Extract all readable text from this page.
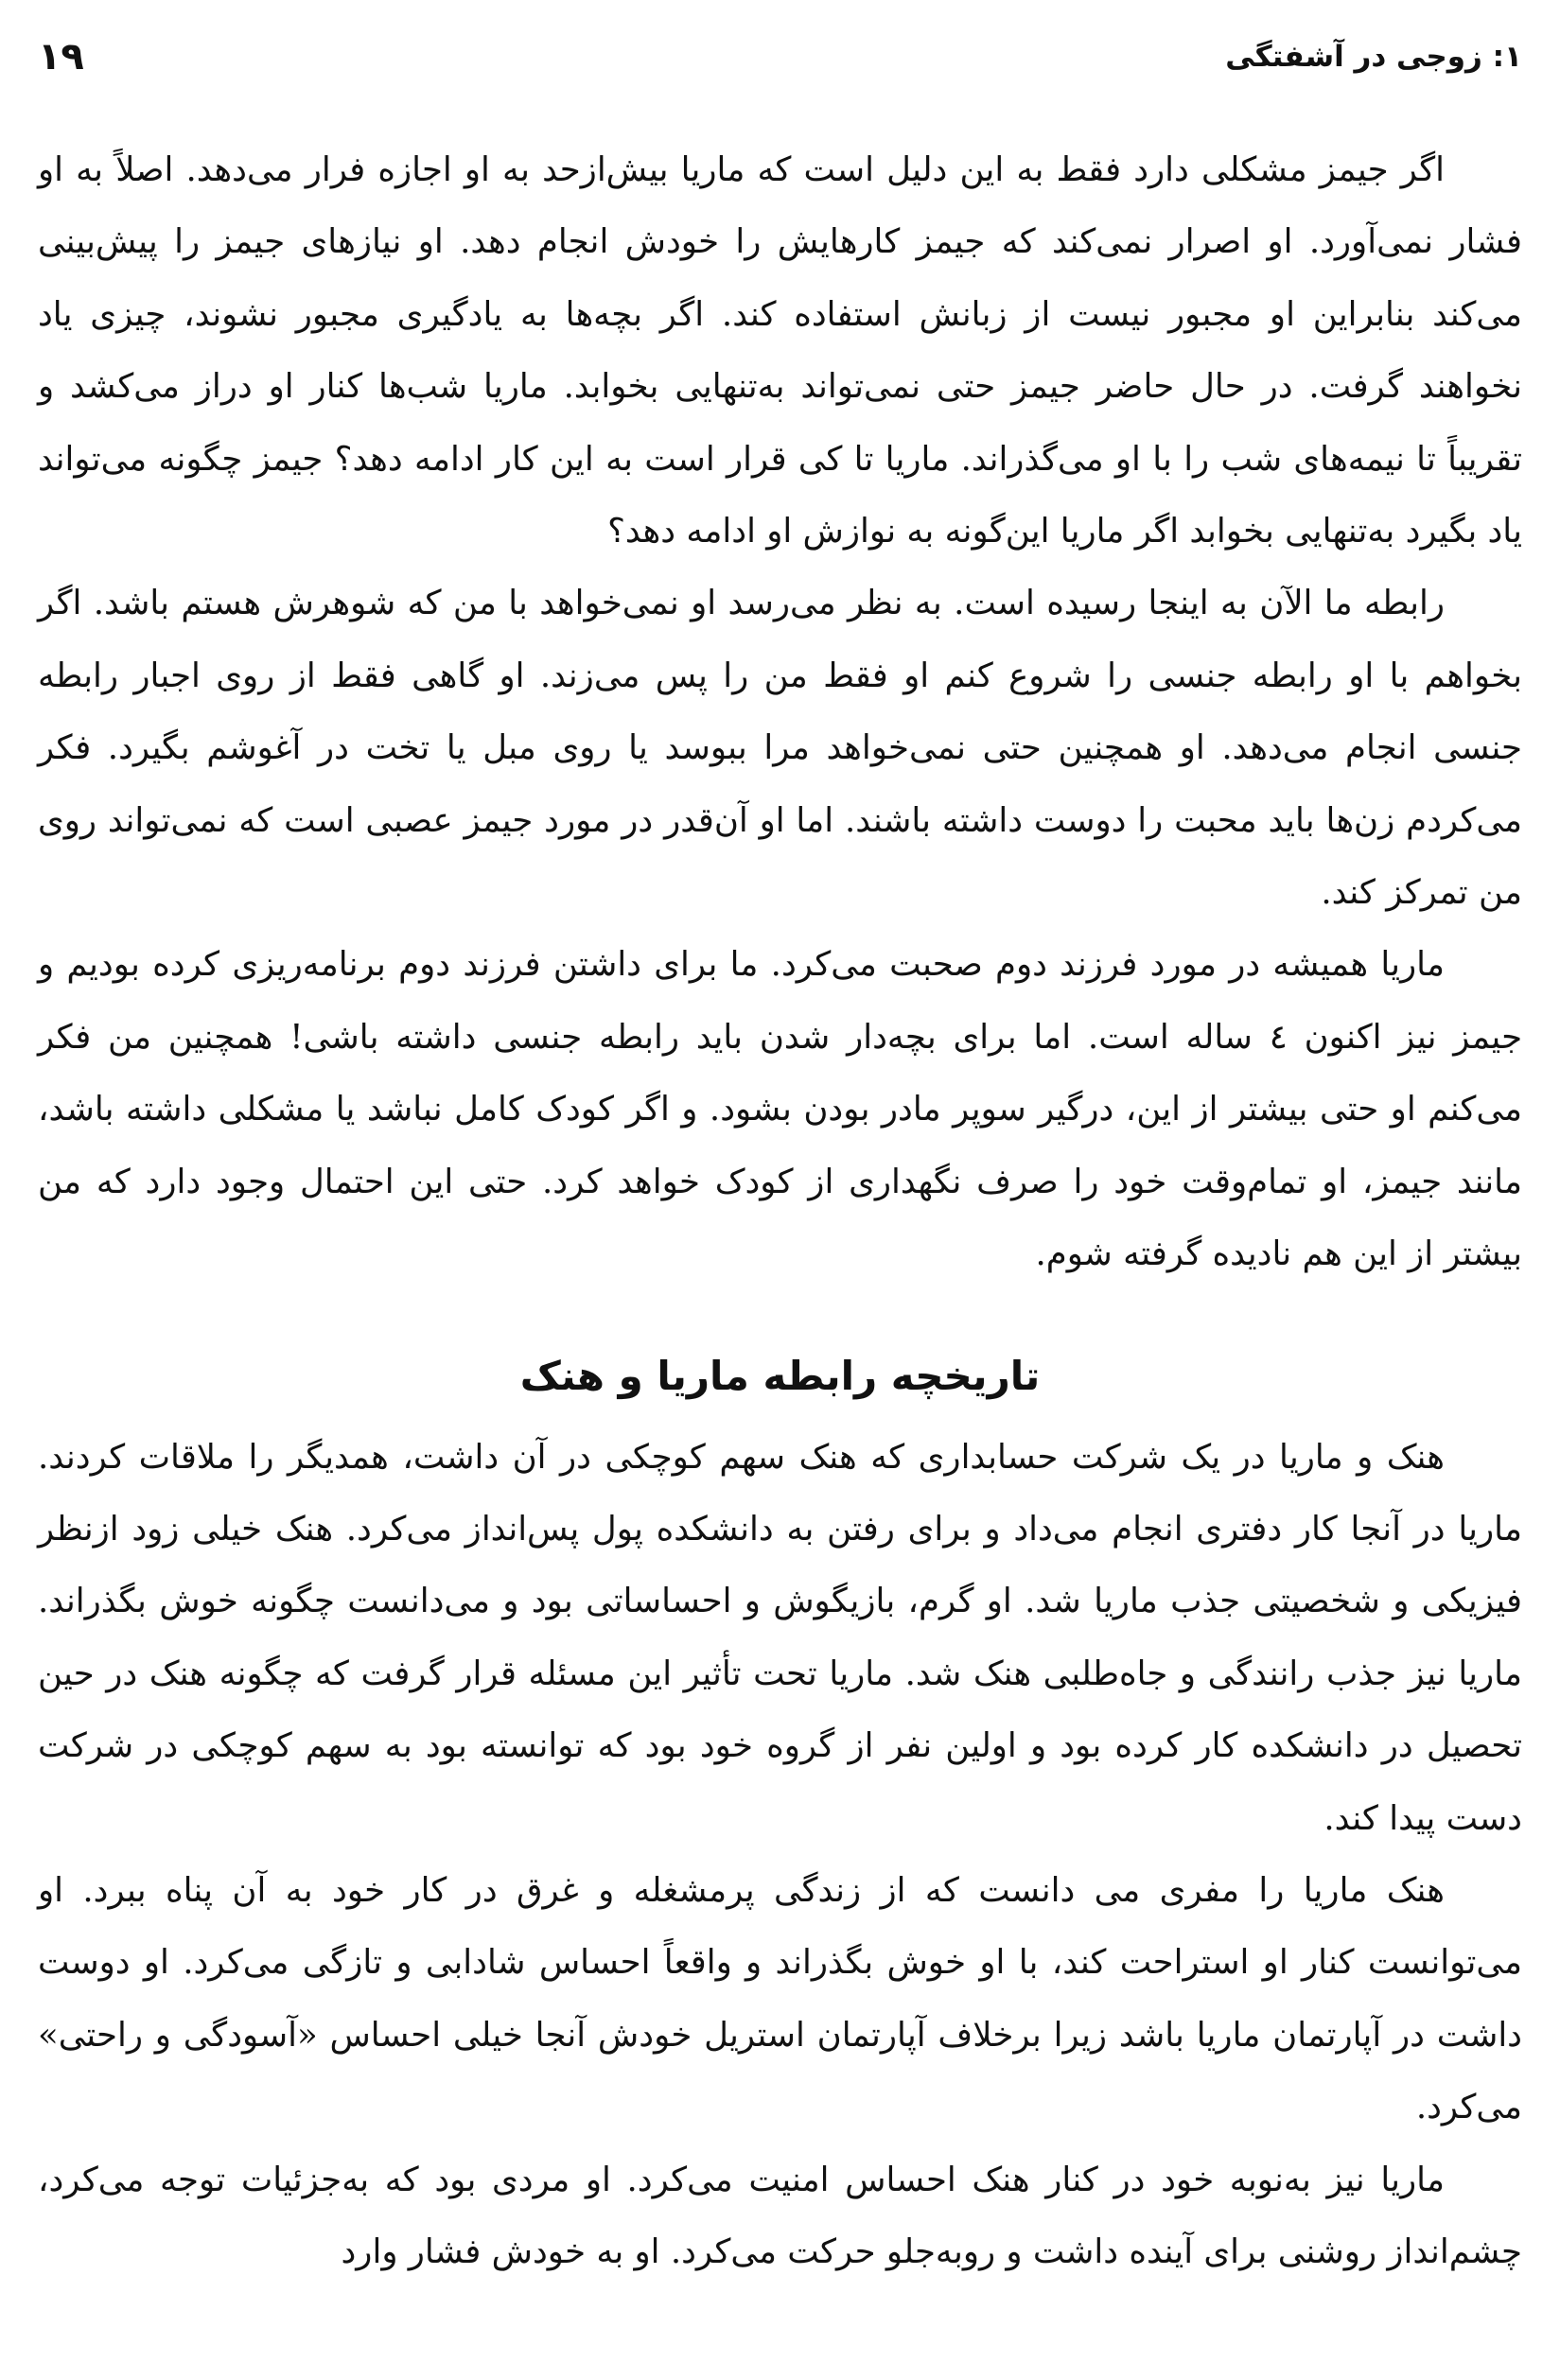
۱: زوجی در آشفتگی
۱۹

اگر جیمز مشکلی دارد فقط به این دلیل است که ماریا بیش‌ازحد به او اجازه فرار می‌دهد. اصلاً به او فشار نمی‌آورد. او اصرار نمی‌کند که جیمز کارهایش را خودش انجام دهد. او نیازهای جیمز را پیش‌بینی می‌کند بنابراین او مجبور نیست از زبانش استفاده کند. اگر بچه‌ها به یادگیری مجبور نشوند، چیزی یاد نخواهند گرفت. در حال حاضر جیمز حتی نمی‌تواند به‌تنهایی بخوابد. ماریا شب‌ها کنار او دراز می‌کشد و تقریباً تا نیمه‌های شب را با او می‌گذراند. ماریا تا کی قرار است به این کار ادامه دهد؟ جیمز چگونه می‌تواند یاد بگیرد به‌تنهایی بخوابد اگر ماریا این‌گونه به نوازش او ادامه دهد؟

رابطه ما الآن به اینجا رسیده است. به نظر می‌رسد او نمی‌خواهد با من که شوهرش هستم باشد. اگر بخواهم با او رابطه جنسی را شروع کنم او فقط من را پس می‌زند. او گاهی فقط از روی اجبار رابطه جنسی انجام می‌دهد. او همچنین حتی نمی‌خواهد مرا ببوسد یا روی مبل یا تخت در آغوشم بگیرد. فکر می‌کردم زن‌ها باید محبت را دوست داشته باشند. اما او آن‌قدر در مورد جیمز عصبی است که نمی‌تواند روی من تمرکز کند.

ماریا همیشه در مورد فرزند دوم صحبت می‌کرد. ما برای داشتن فرزند دوم برنامه‌ریزی کرده بودیم و جیمز نیز اکنون ٤ ساله است. اما برای بچه‌دار شدن باید رابطه جنسی داشته باشی! همچنین من فکر می‌کنم او حتی بیشتر از این، درگیر سوپر مادر بودن بشود. و اگر کودک کامل نباشد یا مشکلی داشته باشد، مانند جیمز، او تمام‌وقت خود را صرف نگهداری از کودک خواهد کرد. حتی این احتمال وجود دارد که من بیشتر از این هم نادیده گرفته شوم.

تاریخچه رابطه ماریا و هنک

هنک و ماریا در یک شرکت حسابداری که هنک سهم کوچکی در آن داشت، همدیگر را ملاقات کردند. ماریا در آنجا کار دفتری انجام می‌داد و برای رفتن به دانشکده پول پس‌انداز می‌کرد. هنک خیلی زود ازنظر فیزیکی و شخصیتی جذب ماریا شد. او گرم، بازیگوش و احساساتی بود و می‌دانست چگونه خوش بگذراند. ماریا نیز جذب رانندگی و جاه‌طلبی هنک شد. ماریا تحت تأثیر این مسئله قرار گرفت که چگونه هنک در حین تحصیل در دانشکده کار کرده بود و اولین نفر از گروه خود بود که توانسته بود به سهم کوچکی در شرکت دست پیدا کند.

هنک ماریا را مفری می دانست که از زندگی پرمشغله و غرق در کار خود به آن پناه ببرد. او می‌توانست کنار او استراحت کند، با او خوش بگذراند و واقعاً احساس شادابی و تازگی می‌کرد. او دوست داشت در آپارتمان ماریا باشد زیرا برخلاف آپارتمان استریل خودش آنجا خیلی احساس «آسودگی و راحتی» می‌کرد.

ماریا نیز به‌نوبه خود در کنار هنک احساس امنیت می‌کرد. او مردی بود که به‌جزئیات توجه می‌کرد، چشم‌انداز روشنی برای آینده داشت و روبه‌جلو حرکت می‌کرد. او به خودش فشار وارد
